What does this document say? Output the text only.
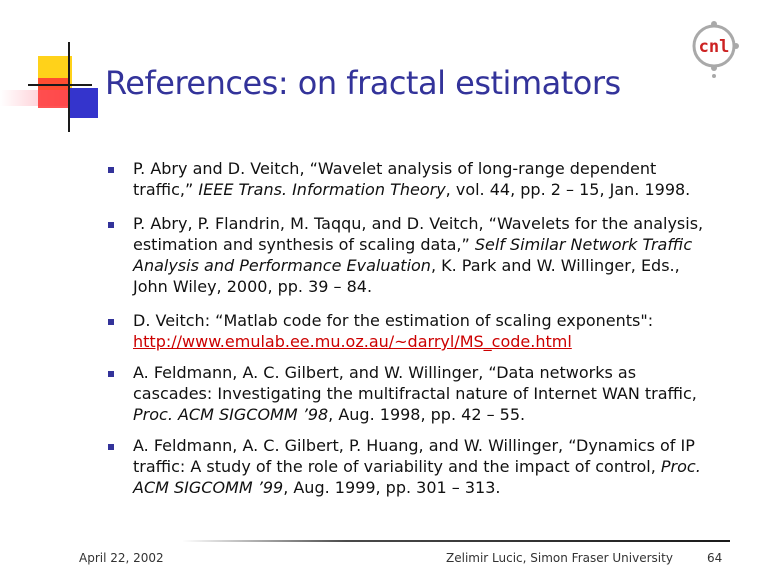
References: on fractal estimators
cnl
P. Abry and D. Veitch, “Wavelet analysis of long-range dependent traffic,” IEEE Trans. Information Theory, vol. 44, pp. 2 – 15, Jan. 1998.
P. Abry, P. Flandrin, M. Taqqu, and D. Veitch, “Wavelets for the analysis, estimation and synthesis of scaling data,” Self Similar Network Traffic Analysis and Performance Evaluation, K. Park and W. Willinger, Eds., John Wiley, 2000, pp. 39 – 84.
D. Veitch: “Matlab code for the estimation of scaling exponents": http://www.emulab.ee.mu.oz.au/~darryl/MS_code.html
A. Feldmann, A. C. Gilbert, and W. Willinger, “Data networks as cascades: Investigating the multifractal nature of Internet WAN traffic, Proc. ACM SIGCOMM ’98, Aug. 1998, pp. 42 – 55.
A. Feldmann, A. C. Gilbert, P. Huang, and W. Willinger, “Dynamics of IP traffic: A study of the role of variability and the impact of control, Proc. ACM SIGCOMM ’99, Aug. 1999, pp. 301 – 313.
April 22, 2002	Zelimir Lucic, Simon Fraser University	64
